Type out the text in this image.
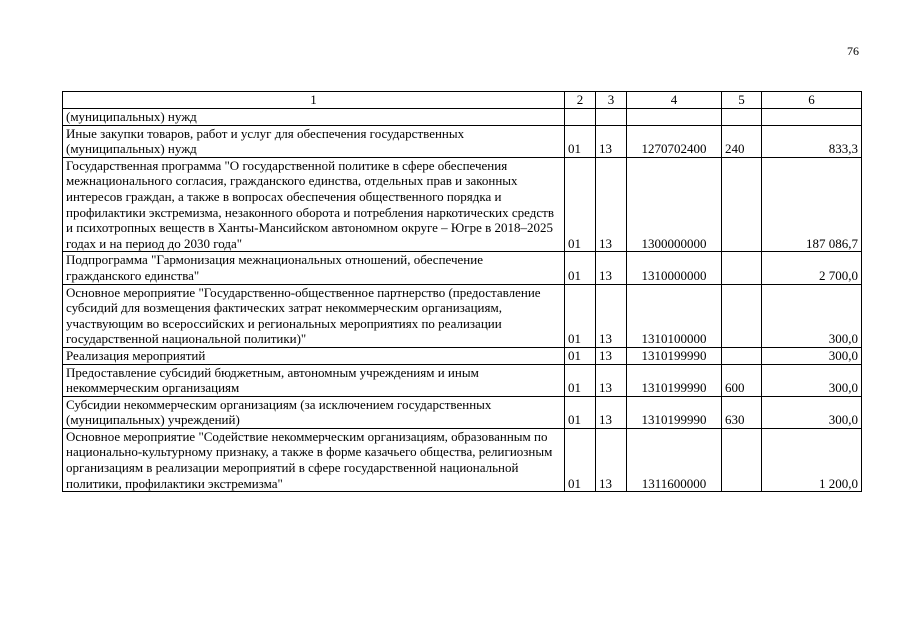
76
1	2	3	4	5	6
(муниципальных) нужд					
Иные закупки товаров, работ и услуг для обеспечения государственных (муниципальных) нужд	01	13	1270702400	240	833,3
Государственная программа "О государственной политике в сфере обеспечения межнационального согласия, гражданского единства, отдельных прав и законных интересов граждан, а также в вопросах обеспечения общественного порядка и профилактики экстремизма, незаконного оборота и потребления наркотических средств и психотропных веществ в Ханты-Мансийском автономном округе – Югре в 2018–2025 годах и на период до 2030 года"	01	13	1300000000		187 086,7
Подпрограмма "Гармонизация межнациональных отношений, обеспечение гражданского единства"	01	13	1310000000		2 700,0
Основное мероприятие "Государственно-общественное партнерство (предоставление субсидий для возмещения фактических затрат некоммерческим организациям, участвующим во всероссийских и региональных мероприятиях по реализации государственной национальной политики)"	01	13	1310100000		300,0
Реализация мероприятий	01	13	1310199990		300,0
Предоставление субсидий бюджетным, автономным учреждениям и иным некоммерческим организациям	01	13	1310199990	600	300,0
Субсидии некоммерческим организациям (за исключением государственных (муниципальных) учреждений)	01	13	1310199990	630	300,0
Основное мероприятие "Содействие некоммерческим организациям, образованным по национально-культурному признаку, а также в форме казачьего общества, религиозным организациям в реализации мероприятий в сфере государственной национальной политики, профилактики экстремизма"	01	13	1311600000		1 200,0
